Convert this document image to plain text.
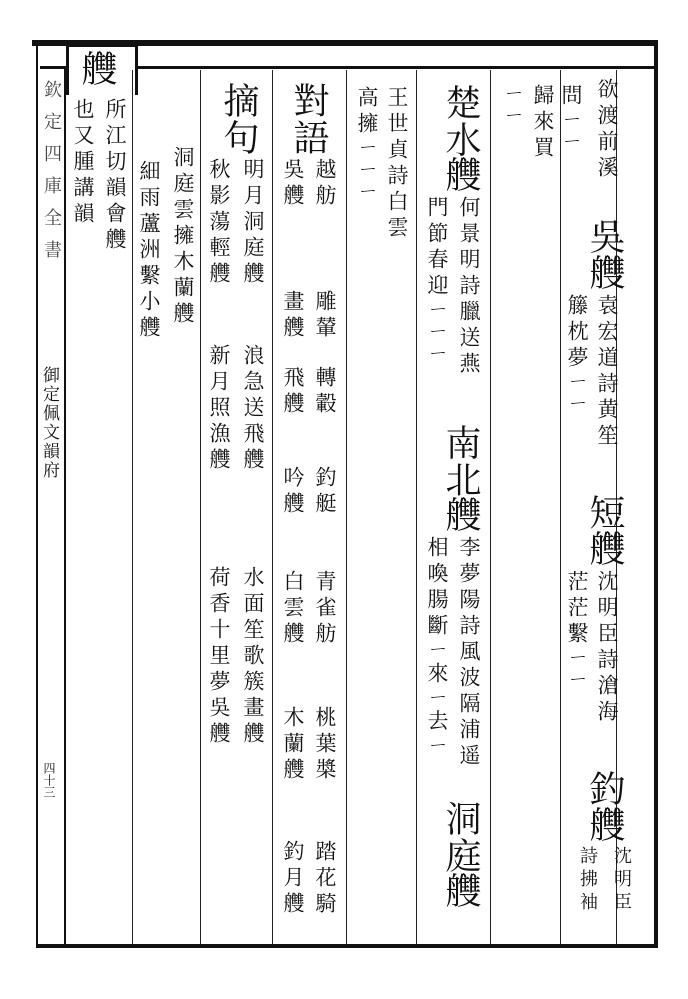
欽定四庫全書
御定佩文韻府
四十三
艭
欲渡前溪
問ㄧㄧ
歸來買
ㄧㄧ
吳
艭
袁宏道詩黄笙
籐枕夢ㄧㄧ
短
艭
沈明臣詩滄海
茫茫繫ㄧㄧ
釣
艭
沈明臣
詩拂袖
楚水
艭
何景明詩臘送燕
門節春迎ㄧㄧㄧ
南北
艭
李夢陽詩風波隔浦遥
相喚腸斷ㄧ來ㄧ去ㄧ
洞庭
艭
王世貞詩白雲
高擁ㄧㄧㄧ
對語
越舫
吳艭
雕輦
畫艭
轉轂
飛艭
釣艇
吟艭
青雀舫
白雲艭
桃葉槳
木蘭艭
踏花騎
釣月艭
摘句
明月洞庭艭
浪急送飛艭
水面笙歌簇畫艭
秋影蕩輕艭
新月照漁艭
荷香十里夢吳艭
洞庭雲擁木蘭艭
細雨蘆洲繫小艭
所江切韻會艭
也又腫講韻
